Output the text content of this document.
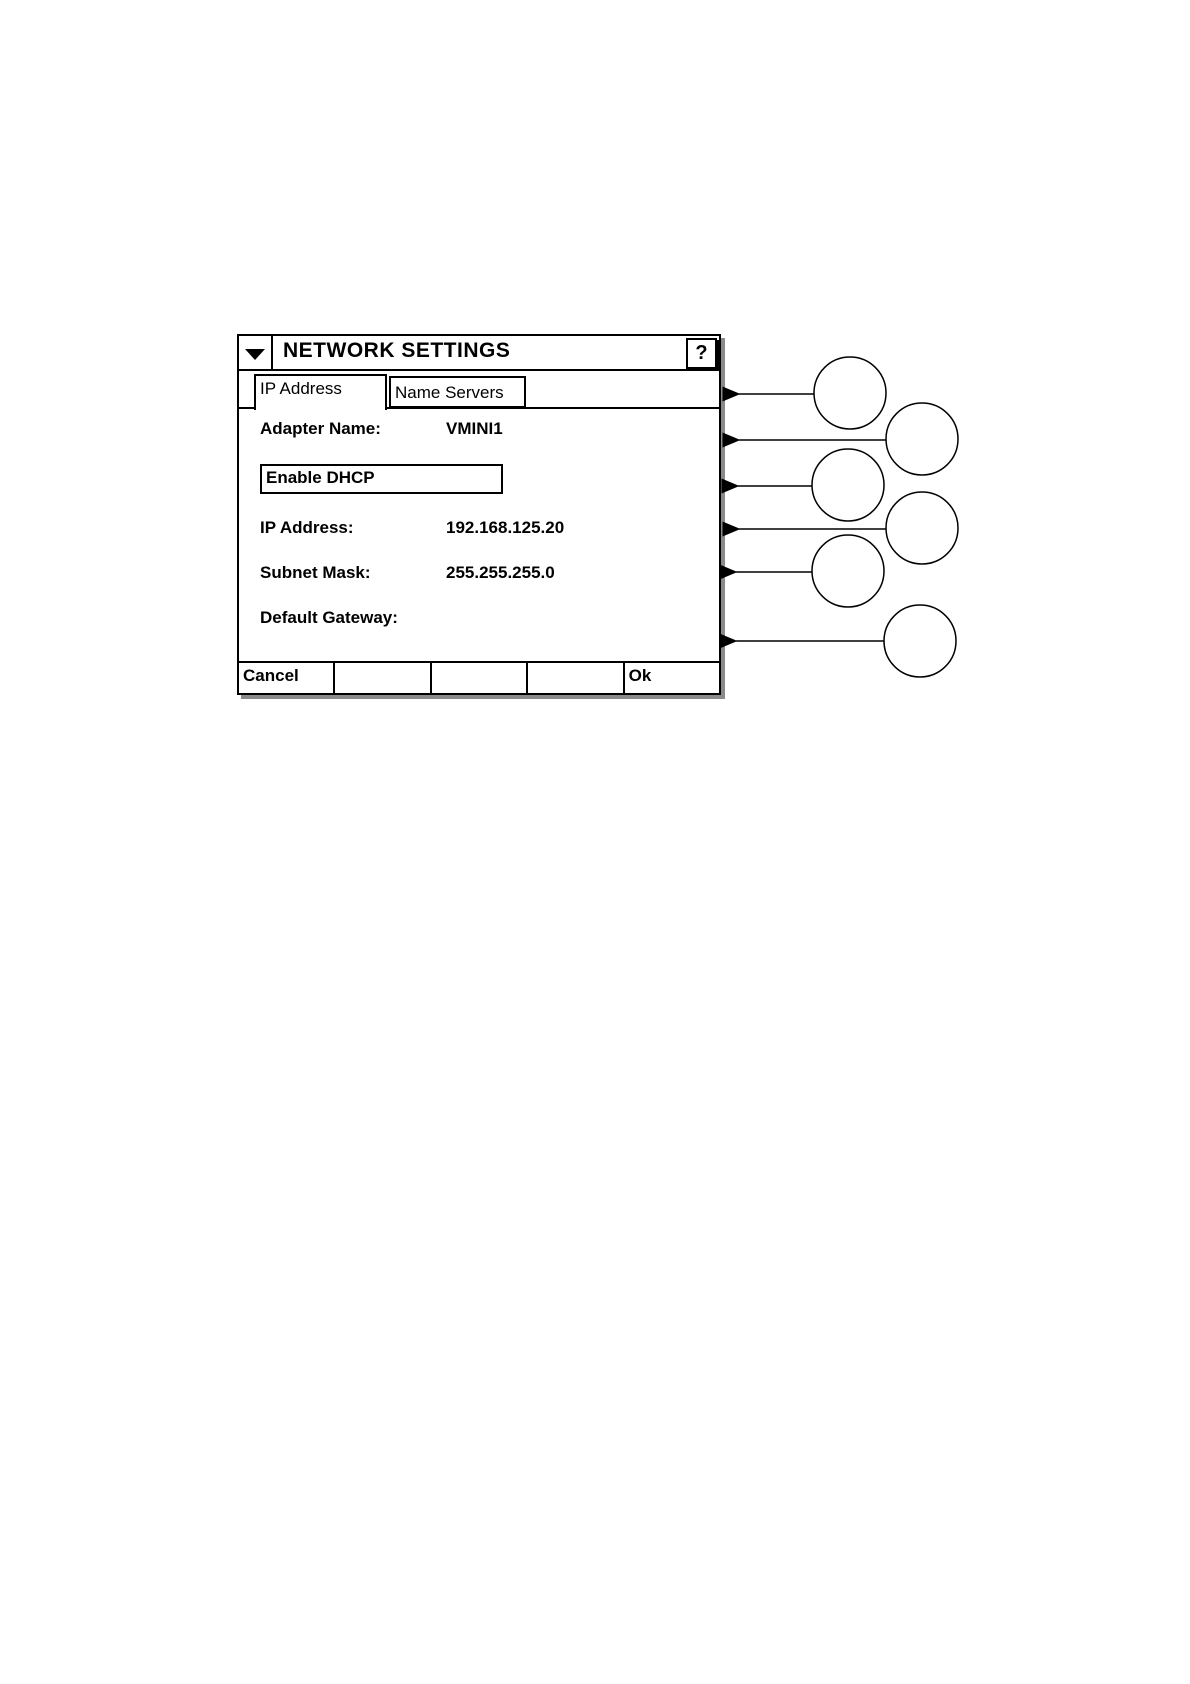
NETWORK SETTINGS	?
IP Address	Name Servers
Adapter Name:	VMINI1
Enable DHCP
IP Address:	192.168.125.20
Subnet Mask:	255.255.255.0
Default Gateway:
Cancel	Ok
